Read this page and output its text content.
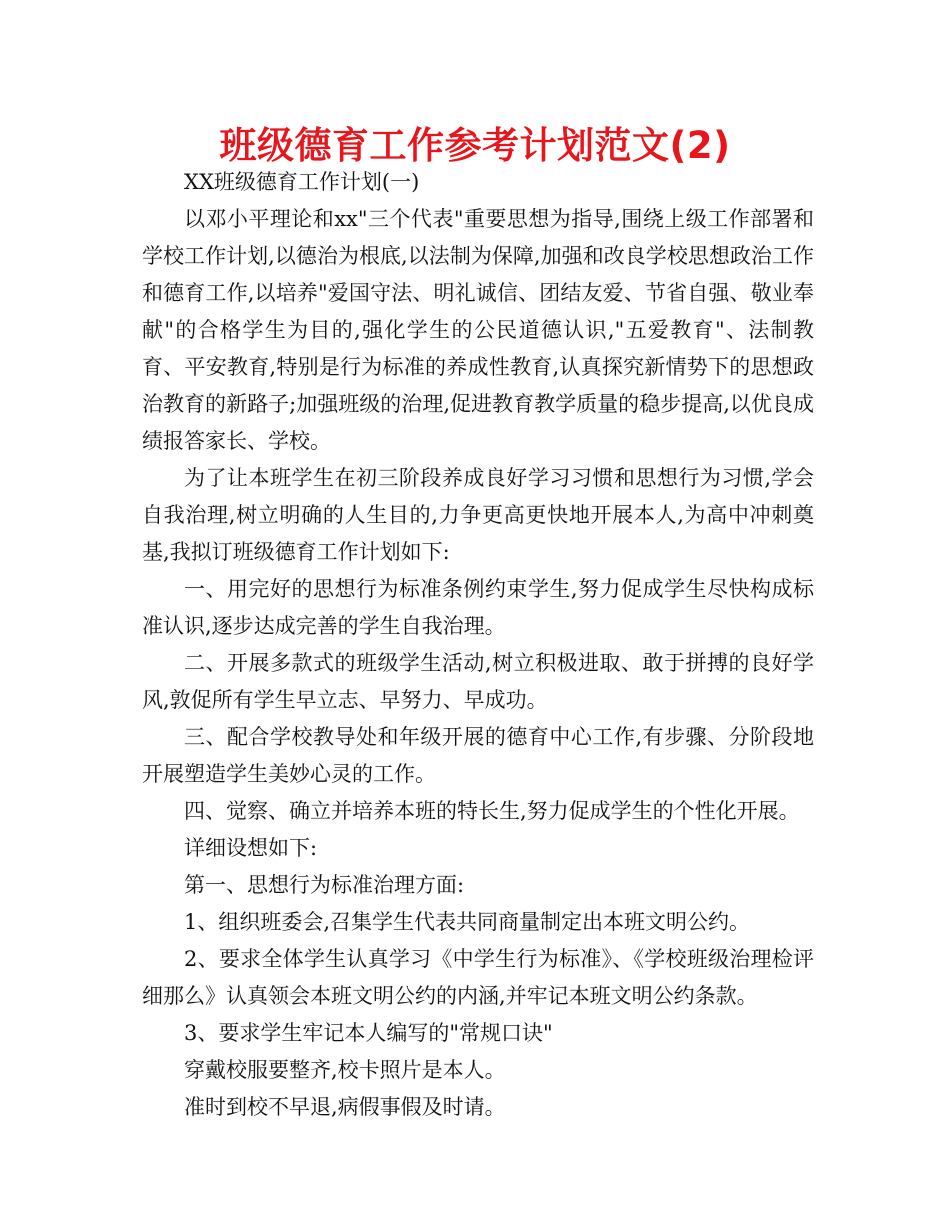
班级德育工作参考计划范文(2)

XX班级德育工作计划(一)

以邓小平理论和xx"三个代表"重要思想为指导,围绕上级工作部署和学校工作计划,以德治为根底,以法制为保障,加强和改良学校思想政治工作和德育工作,以培养"爱国守法、明礼诚信、团结友爱、节省自强、敬业奉献"的合格学生为目的,强化学生的公民道德认识,"五爱教育"、法制教育、平安教育,特别是行为标准的养成性教育,认真探究新情势下的思想政治教育的新路子;加强班级的治理,促进教育教学质量的稳步提高,以优良成绩报答家长、学校。

为了让本班学生在初三阶段养成良好学习习惯和思想行为习惯,学会自我治理,树立明确的人生目的,力争更高更快地开展本人,为高中冲刺奠基,我拟订班级德育工作计划如下:

一、用完好的思想行为标准条例约束学生,努力促成学生尽快构成标准认识,逐步达成完善的学生自我治理。

二、开展多款式的班级学生活动,树立积极进取、敢于拼搏的良好学风,敦促所有学生早立志、早努力、早成功。

三、配合学校教导处和年级开展的德育中心工作,有步骤、分阶段地开展塑造学生美妙心灵的工作。

四、觉察、确立并培养本班的特长生,努力促成学生的个性化开展。

详细设想如下:

第一、思想行为标准治理方面:

1、组织班委会,召集学生代表共同商量制定出本班文明公约。

2、要求全体学生认真学习《中学生行为标准》、《学校班级治理检评细那么》认真领会本班文明公约的内涵,并牢记本班文明公约条款。

3、要求学生牢记本人编写的"常规口诀"

穿戴校服要整齐,校卡照片是本人。

准时到校不早退,病假事假及时请。
